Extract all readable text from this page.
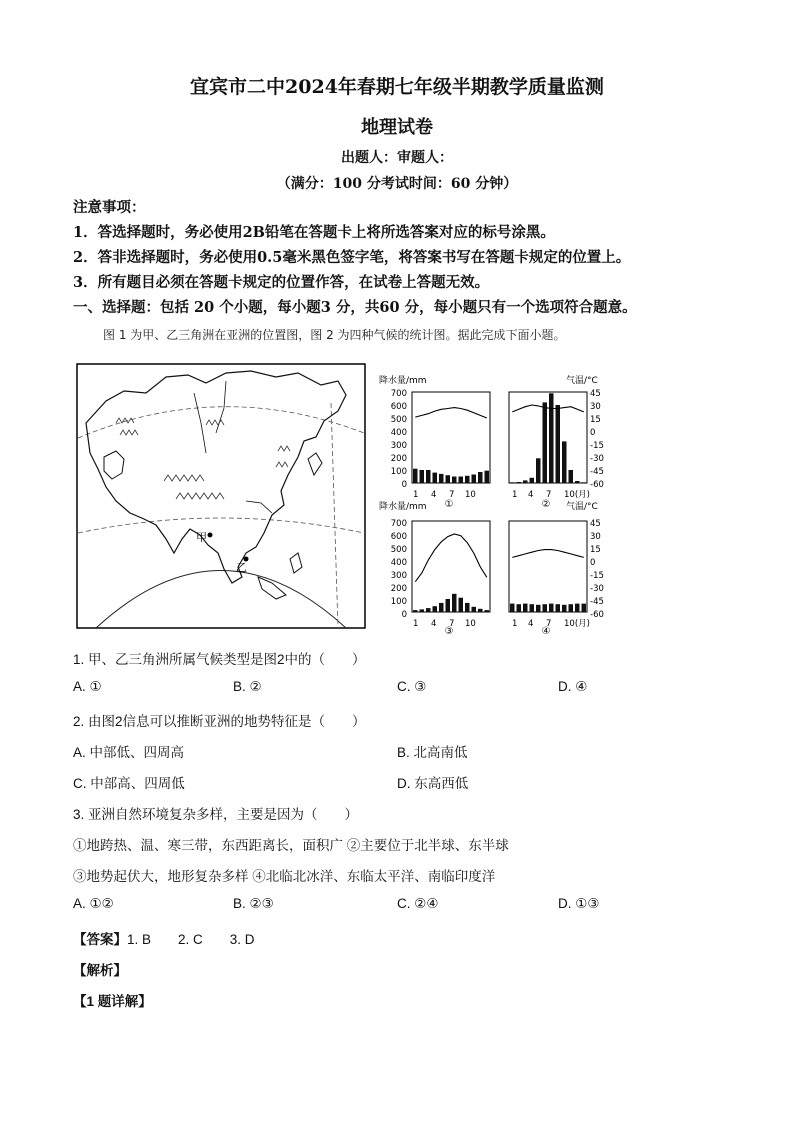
宜宾市二中2024年春期七年级半期教学质量监测
地理试卷
出题人：审题人：
（满分：100 分考试时间：60 分钟）
注意事项：
1．答选择题时，务必使用2B铅笔在答题卡上将所选答案对应的标号涂黑。
2．答非选择题时，务必使用0.5毫米黑色签字笔，将答案书写在答题卡规定的位置上。
3．所有题目必须在答题卡规定的位置作答，在试卷上答题无效。
一、选择题：包括 20 个小题，每小题3 分，共60 分，每小题只有一个选项符合题意。
图 1 为甲、乙三角洲在亚洲的位置图，图 2 为四种气候的统计图。据此完成下面小题。
甲
乙
降水量/mm	气温/°C
降水量/mm	气温/°C
700
600
500
400
300
200
100
0
700
600
500
400
300
200
100
0
45
30
15
0
-15
-30
-45
-60
45
30
15
0
-15
-30
-45
-60
1 4 7 10	1 4 7 10(月)
1 4 7 10	1 4 7 10(月)
①	②
③	④
1. 甲、乙三角洲所属气候类型是图2中的（　　）
A. ①	B. ②	C. ③	D. ④
2. 由图2信息可以推断亚洲的地势特征是（　　）
A. 中部低、四周高	B. 北高南低
C. 中部高、四周低	D. 东高西低
3. 亚洲自然环境复杂多样，主要是因为（　　）
①地跨热、温、寒三带，东西距离长，面积广 ②主要位于北半球、东半球
③地势起伏大，地形复杂多样 ④北临北冰洋、东临太平洋、南临印度洋
A. ①②	B. ②③	C. ②④	D. ①③
【答案】1. B　　2. C　　3. D
【解析】
【1 题详解】
